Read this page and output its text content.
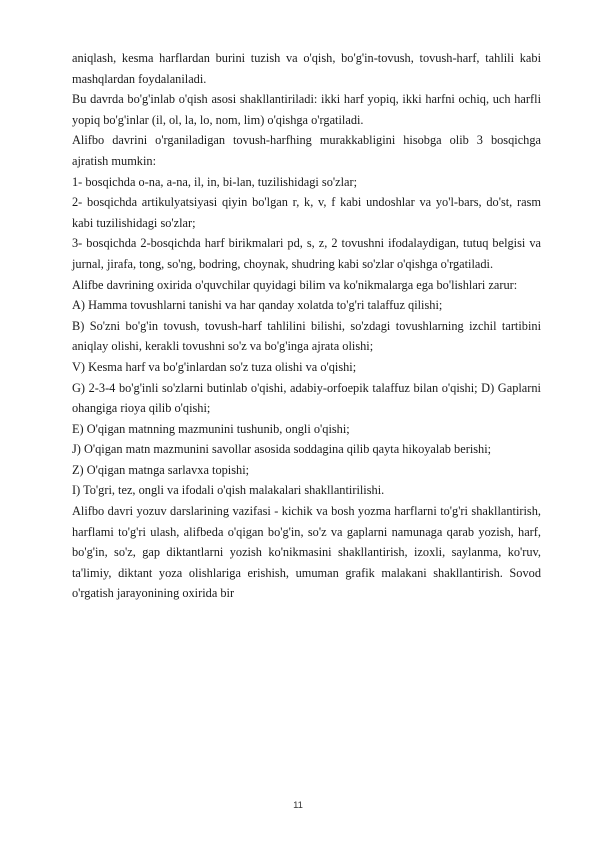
aniqlash, kesma harflardan burini tuzish va o'qish, bo'g'in-tovush, tovush-harf, tahlili kabi mashqlardan foydalaniladi.

Bu davrda bo'g'inlab o'qish asosi shakllantiriladi: ikki harf yopiq, ikki harfni ochiq, uch harfli yopiq bo'g'inlar (il, ol, la, lo, nom, lim) o'qishga o'rgatiladi.

Alifbo davrini o'rganiladigan tovush-harfhing murakkabligini hisobga olib 3 bosqichga ajratish mumkin:

1- bosqichda o-na, a-na, il, in, bi-lan, tuzilishidagi so'zlar;

2- bosqichda artikulyatsiyasi qiyin bo'lgan r, k, v, f kabi undoshlar va yo'l-bars, do'st, rasm kabi tuzilishidagi so'zlar;

3- bosqichda 2-bosqichda harf birikmalari pd, s, z, 2 tovushni ifodalaydigan, tutuq belgisi va jurnal, jirafa, tong, so'ng, bodring, choynak, shudring kabi so'zlar o'qishga o'rgatiladi.

Alifbe davrining oxirida o'quvchilar quyidagi bilim va ko'nikmalarga ega bo'lishlari zarur:

A) Hamma tovushlarni tanishi va har qanday xolatda to'g'ri talaffuz qilishi;

B) So'zni bo'g'in tovush, tovush-harf tahlilini bilishi, so'zdagi tovushlarning izchil tartibini aniqlay olishi, kerakli tovushni so'z va bo'g'inga ajrata olishi;

V) Kesma harf va bo'g'inlardan so'z tuza olishi va o'qishi;

G) 2-3-4 bo'g'inli so'zlarni butinlab o'qishi, adabiy-orfoepik talaffuz bilan o'qishi; D) Gaplarni ohangiga rioya qilib o'qishi;

E) O'qigan matnning mazmunini tushunib, ongli o'qishi;

J) O'qigan matn mazmunini savollar asosida soddagina qilib qayta hikoyalab berishi;

Z) O'qigan matnga sarlavxa topishi;

I) To'gri, tez, ongli va ifodali o'qish malakalari shakllantirilishi.

Alifbo davri yozuv darslarining vazifasi - kichik va bosh yozma harflarni to'g'ri shakllantirish, harflami to'g'ri ulash, alifbeda o'qigan bo'g'in, so'z va gaplarni namunaga qarab yozish, harf, bo'g'in, so'z, gap diktantlarni yozish ko'nikmasini shakllantirish, izoxli, saylanma, ko'ruv, ta'limiy, diktant yoza olishlariga erishish, umuman grafik malakani shakllantirish. Sovod o'rgatish jarayonining oxirida bir

11
